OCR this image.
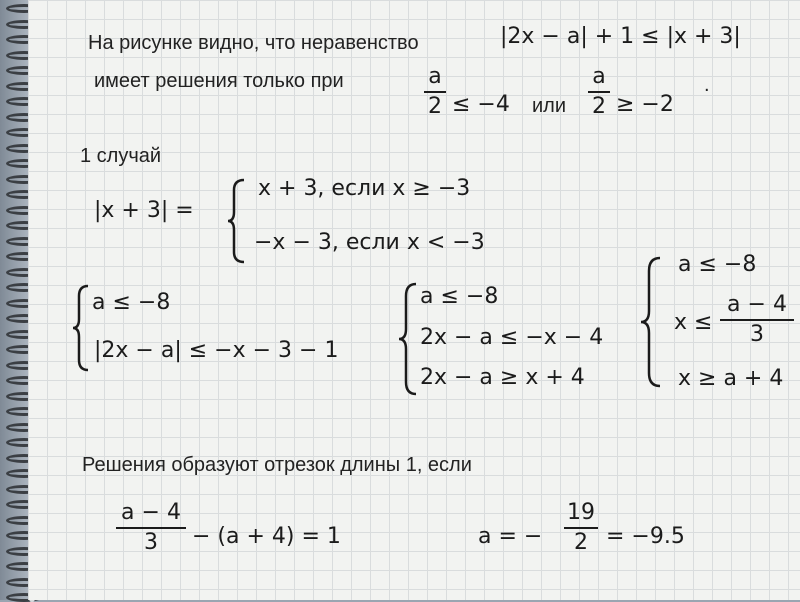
На рисунке видно, что неравенство	|2x − a| + 1 ≤ |x + 3|
имеет решения только при	a
2 ≤ −4 или
a
2 ≥ −2
.
1 случай
|x + 3| =
x + 3, если x ≥ −3
−x − 3, если x < −3
a ≤ −8
|2x − a| ≤ −x − 3 − 1
a ≤ −8
2x − a ≤ −x − 4
2x − a ≥ x + 4
a ≤ −8
x ≤
a − 4
3
x ≥ a + 4
Решения образуют отрезок длины 1, если
a − 4
3	− (a + 4) = 1	a = −
19
2 = −9.5
